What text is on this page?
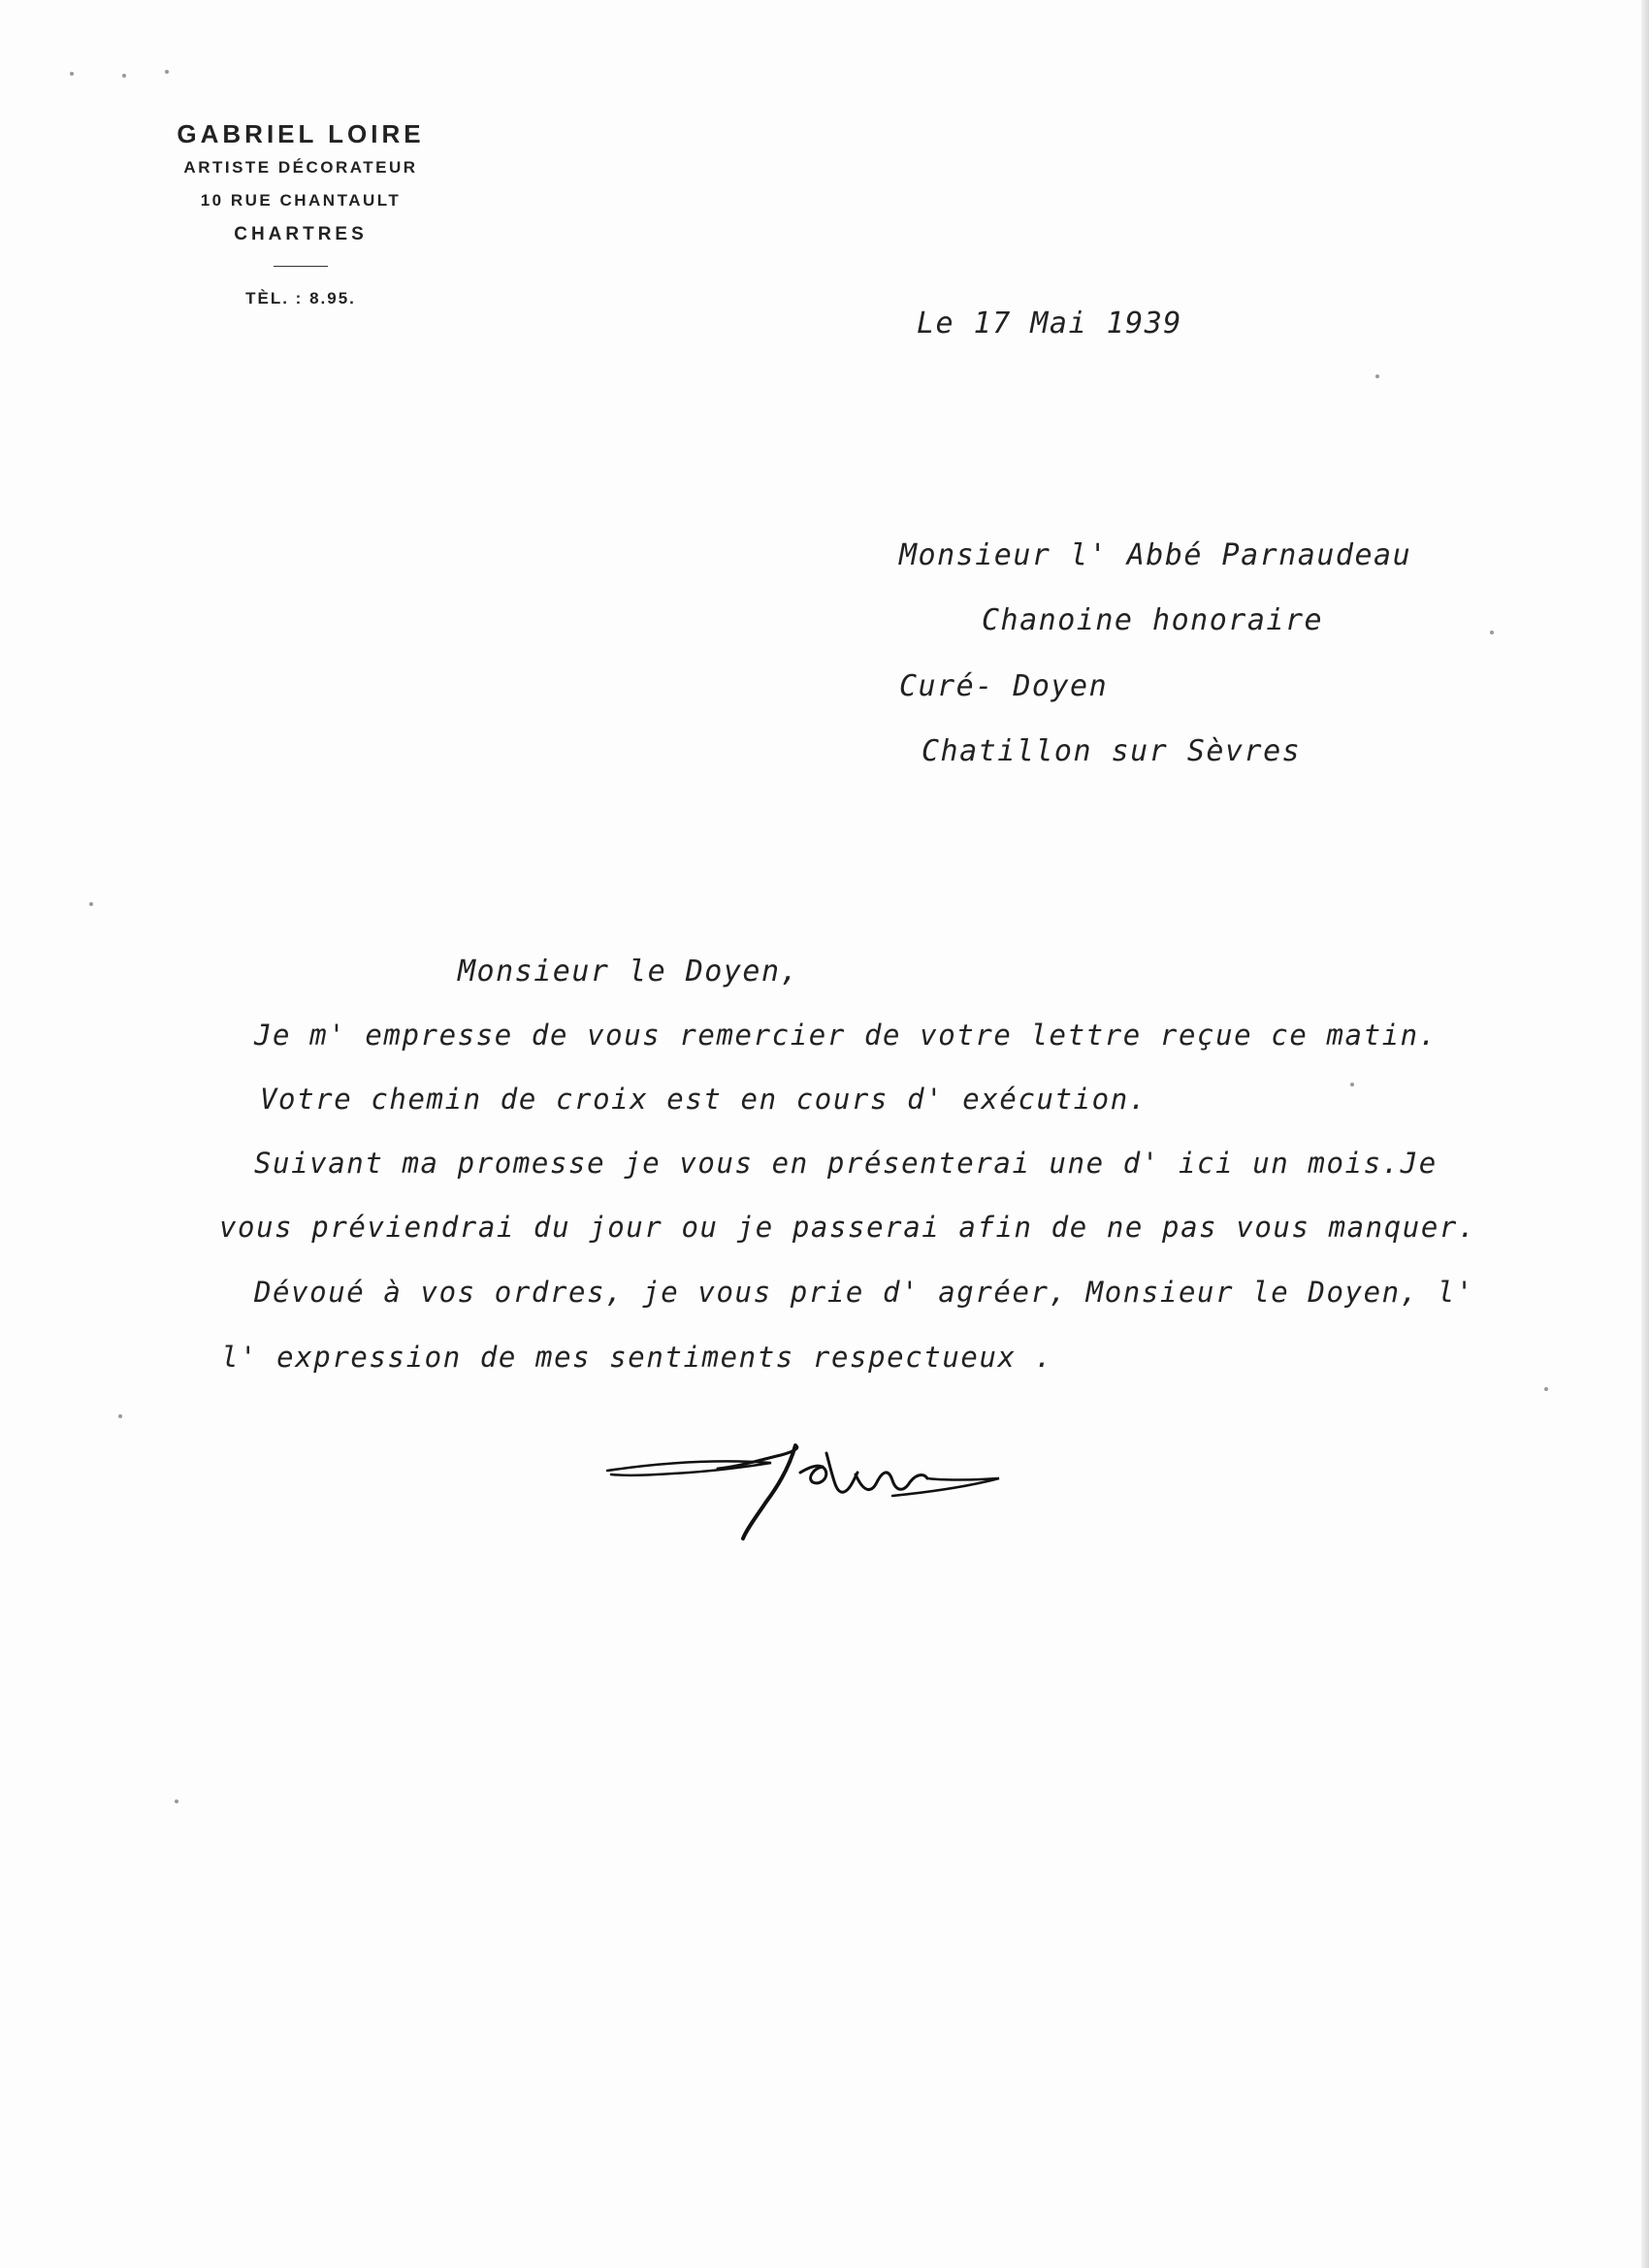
GABRIEL LOIRE

ARTISTE DÉCORATEUR

10 RUE CHANTAULT

CHARTRES

TÈL. : 8.95.

Le 17 Mai 1939
Monsieur l' Abbé Parnaudeau
Chanoine honoraire
Curé- Doyen
Chatillon sur Sèvres
Monsieur le Doyen,
Je m' empresse de vous remercier de votre lettre reçue ce matin.
Votre chemin de croix est en cours d' exécution.
Suivant ma promesse je vous en présenterai une d' ici un mois.Je
vous préviendrai du jour ou je passerai afin de ne pas vous manquer.
Dévoué à vos ordres, je vous prie d' agréer, Monsieur le Doyen, l'
l' expression de mes sentiments respectueux .
